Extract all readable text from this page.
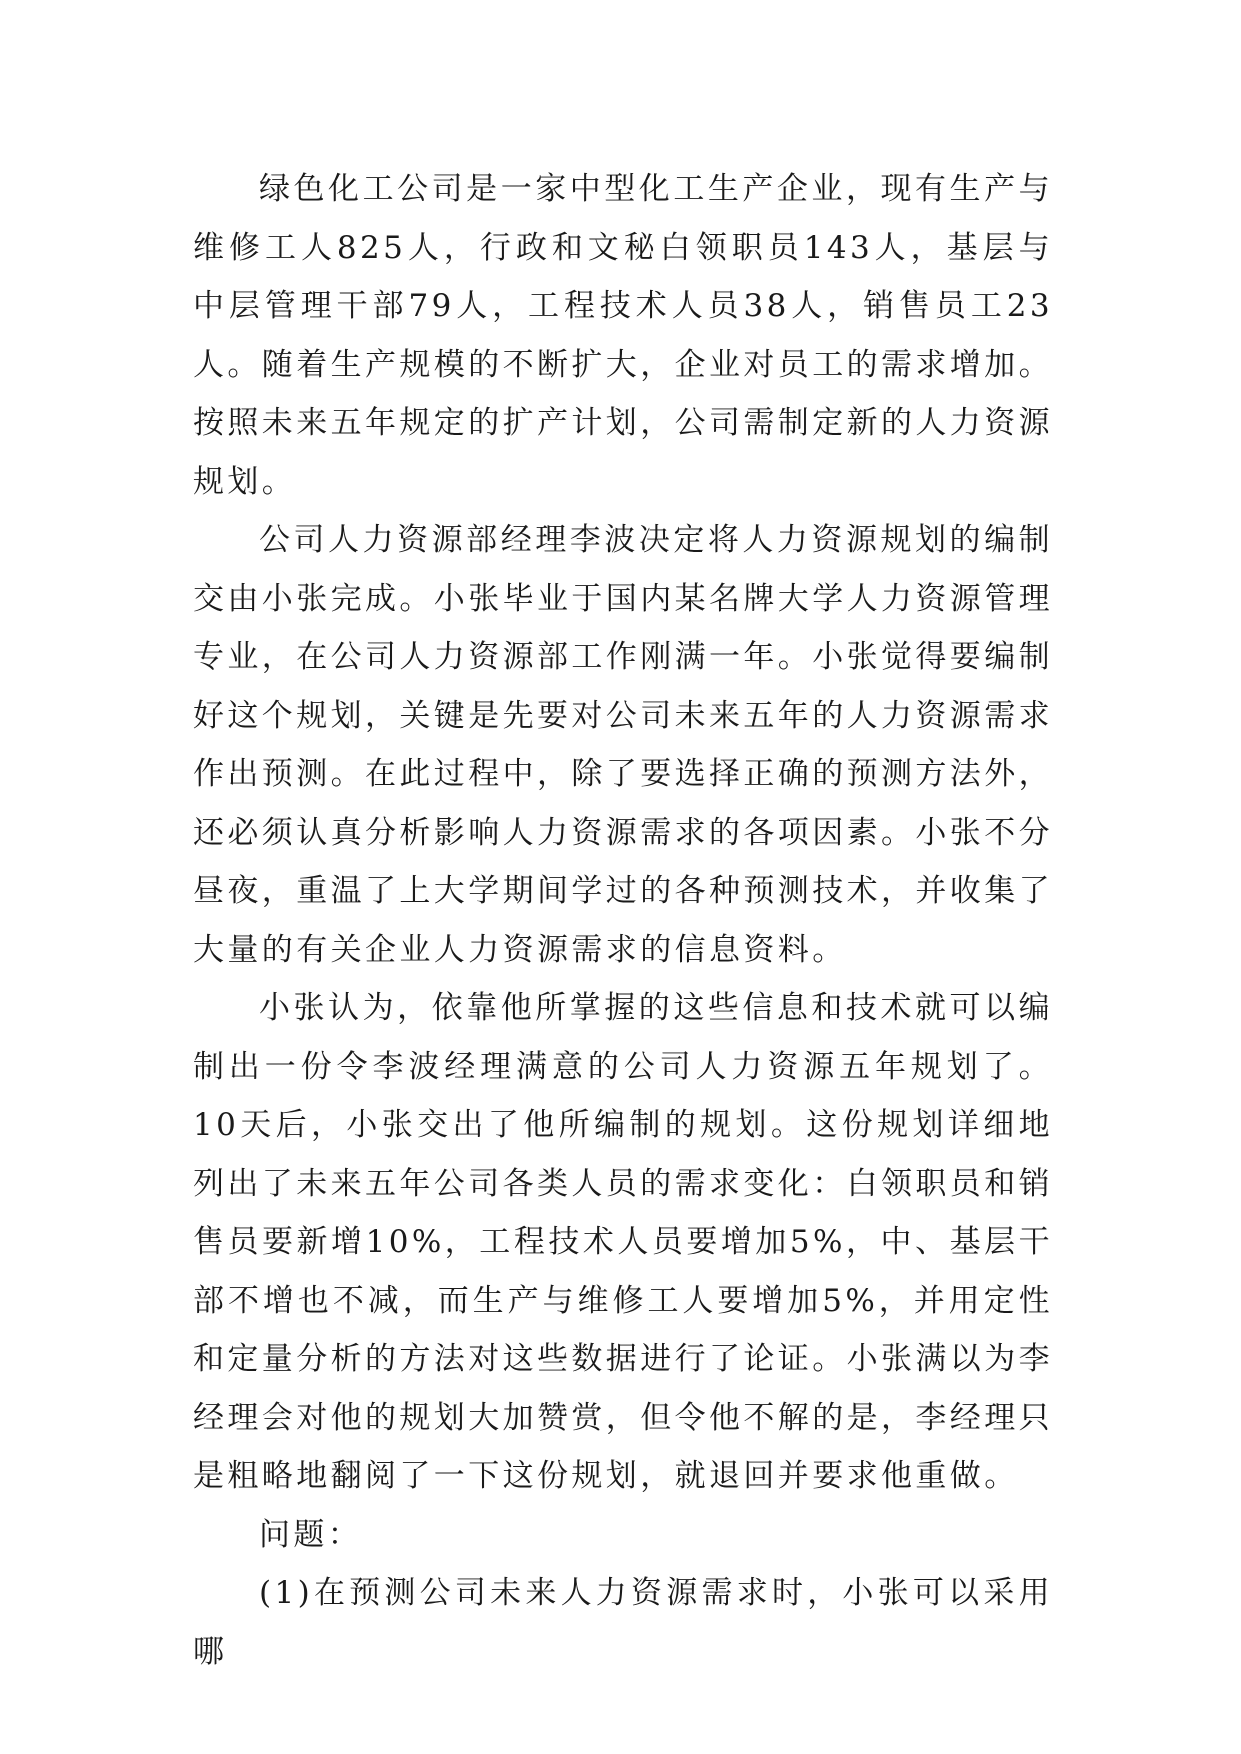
绿色化工公司是一家中型化工生产企业，现有生产与维修工人825人，行政和文秘白领职员143人，基层与中层管理干部79人，工程技术人员38人，销售员工23人。随着生产规模的不断扩大，企业对员工的需求增加。按照未来五年规定的扩产计划，公司需制定新的人力资源规划。

公司人力资源部经理李波决定将人力资源规划的编制交由小张完成。小张毕业于国内某名牌大学人力资源管理专业，在公司人力资源部工作刚满一年。小张觉得要编制好这个规划，关键是先要对公司未来五年的人力资源需求作出预测。在此过程中，除了要选择正确的预测方法外，还必须认真分析影响人力资源需求的各项因素。小张不分昼夜，重温了上大学期间学过的各种预测技术，并收集了大量的有关企业人力资源需求的信息资料。

小张认为，依靠他所掌握的这些信息和技术就可以编制出一份令李波经理满意的公司人力资源五年规划了。10天后，小张交出了他所编制的规划。这份规划详细地列出了未来五年公司各类人员的需求变化：白领职员和销售员要新增10%，工程技术人员要增加5%，中、基层干部不增也不减，而生产与维修工人要增加5%，并用定性和定量分析的方法对这些数据进行了论证。小张满以为李经理会对他的规划大加赞赏，但令他不解的是，李经理只是粗略地翻阅了一下这份规划，就退回并要求他重做。

问题：

(1)在预测公司未来人力资源需求时，小张可以采用哪
